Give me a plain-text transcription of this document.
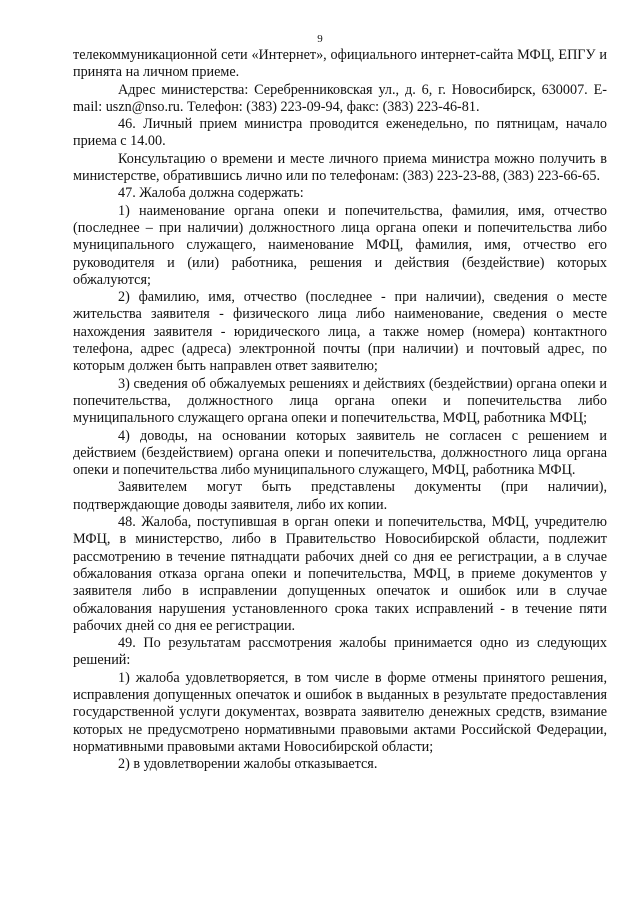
9

телекоммуникационной сети «Интернет», официального интернет-сайта МФЦ, ЕПГУ и принята на личном приеме.

Адрес министерства: Серебренниковская ул., д. 6, г. Новосибирск, 630007. E-mail: uszn@nso.ru. Телефон: (383) 223-09-94, факс: (383) 223-46-81.

46. Личный прием министра проводится еженедельно, по пятницам, начало приема с 14.00.

Консультацию о времени и месте личного приема министра можно получить в министерстве, обратившись лично или по телефонам: (383) 223-23-88, (383) 223-66-65.

47. Жалоба должна содержать:

1) наименование органа опеки и попечительства, фамилия, имя, отчество (последнее – при наличии) должностного лица органа опеки и попечительства либо муниципального служащего, наименование МФЦ, фамилия, имя, отчество его руководителя и (или) работника, решения и действия (бездействие) которых обжалуются;

2) фамилию, имя, отчество (последнее - при наличии), сведения о месте жительства заявителя - физического лица либо наименование, сведения о месте нахождения заявителя - юридического лица, а также номер (номера) контактного телефона, адрес (адреса) электронной почты (при наличии) и почтовый адрес, по которым должен быть направлен ответ заявителю;

3) сведения об обжалуемых решениях и действиях (бездействии) органа опеки и попечительства, должностного лица органа опеки и попечительства либо муниципального служащего органа опеки и попечительства, МФЦ, работника МФЦ;

4) доводы, на основании которых заявитель не согласен с решением и действием (бездействием) органа опеки и попечительства, должностного лица органа опеки и попечительства либо муниципального служащего, МФЦ, работника МФЦ.

Заявителем могут быть представлены документы (при наличии), подтверждающие доводы заявителя, либо их копии.

48. Жалоба, поступившая в орган опеки и попечительства, МФЦ, учредителю МФЦ, в министерство, либо в Правительство Новосибирской области, подлежит рассмотрению в течение пятнадцати рабочих дней со дня ее регистрации, а в случае обжалования отказа органа опеки и попечительства, МФЦ, в приеме документов у заявителя либо в исправлении допущенных опечаток и ошибок или в случае обжалования нарушения установленного срока таких исправлений - в течение пяти рабочих дней со дня ее регистрации.

49. По результатам рассмотрения жалобы принимается одно из следующих решений:

1) жалоба удовлетворяется, в том числе в форме отмены принятого решения, исправления допущенных опечаток и ошибок в выданных в результате предоставления государственной услуги документах, возврата заявителю денежных средств, взимание которых не предусмотрено нормативными правовыми актами Российской Федерации, нормативными правовыми актами Новосибирской области;

2) в удовлетворении жалобы отказывается.
